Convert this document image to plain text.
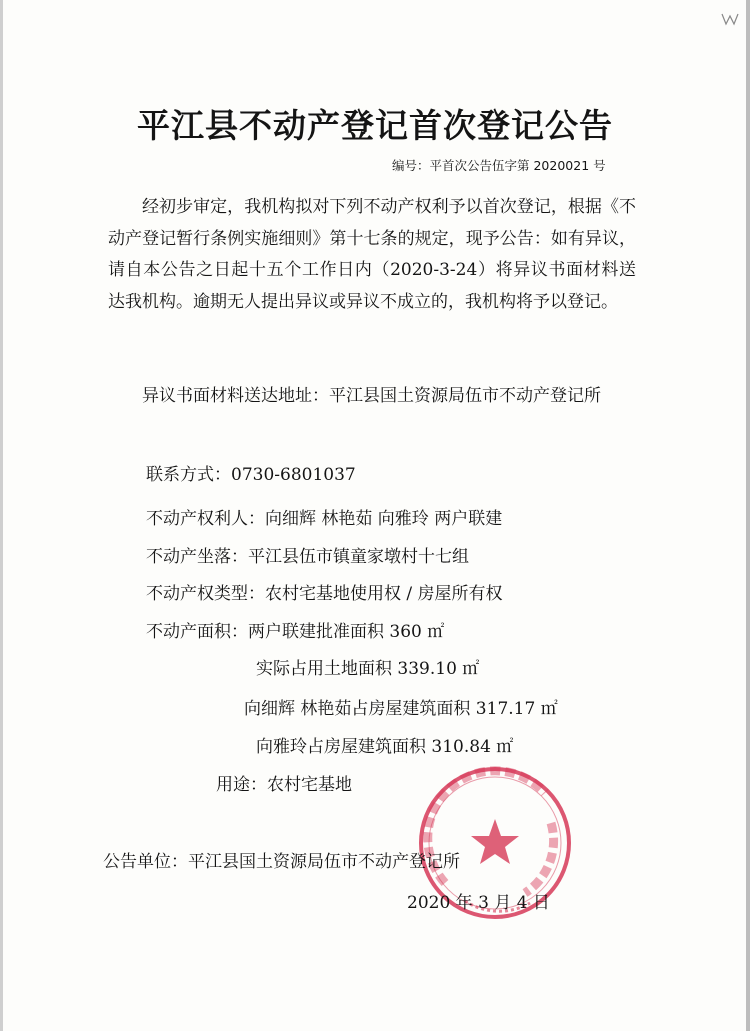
平江县不动产登记首次登记公告
编号：平首次公告伍字第 2020021 号
经初步审定，我机构拟对下列不动产权利予以首次登记，根据《不动产登记暂行条例实施细则》第十七条的规定，现予公告：如有异议，请自本公告之日起十五个工作日内（2020-3-24）将异议书面材料送达我机构。逾期无人提出异议或异议不成立的，我机构将予以登记。
异议书面材料送达地址：平江县国土资源局伍市不动产登记所
联系方式：0730-6801037
不动产权利人：向细辉 林艳茹 向雅玲 两户联建
不动产坐落：平江县伍市镇童家墩村十七组
不动产权类型：农村宅基地使用权 / 房屋所有权
不动产面积：两户联建批准面积 360 ㎡
实际占用土地面积 339.10 ㎡
向细辉 林艳茹占房屋建筑面积 317.17 ㎡
向雅玲占房屋建筑面积 310.84 ㎡
用途：农村宅基地
公告单位：平江县国土资源局伍市不动产登记所
2020 年 3 月 4 日
